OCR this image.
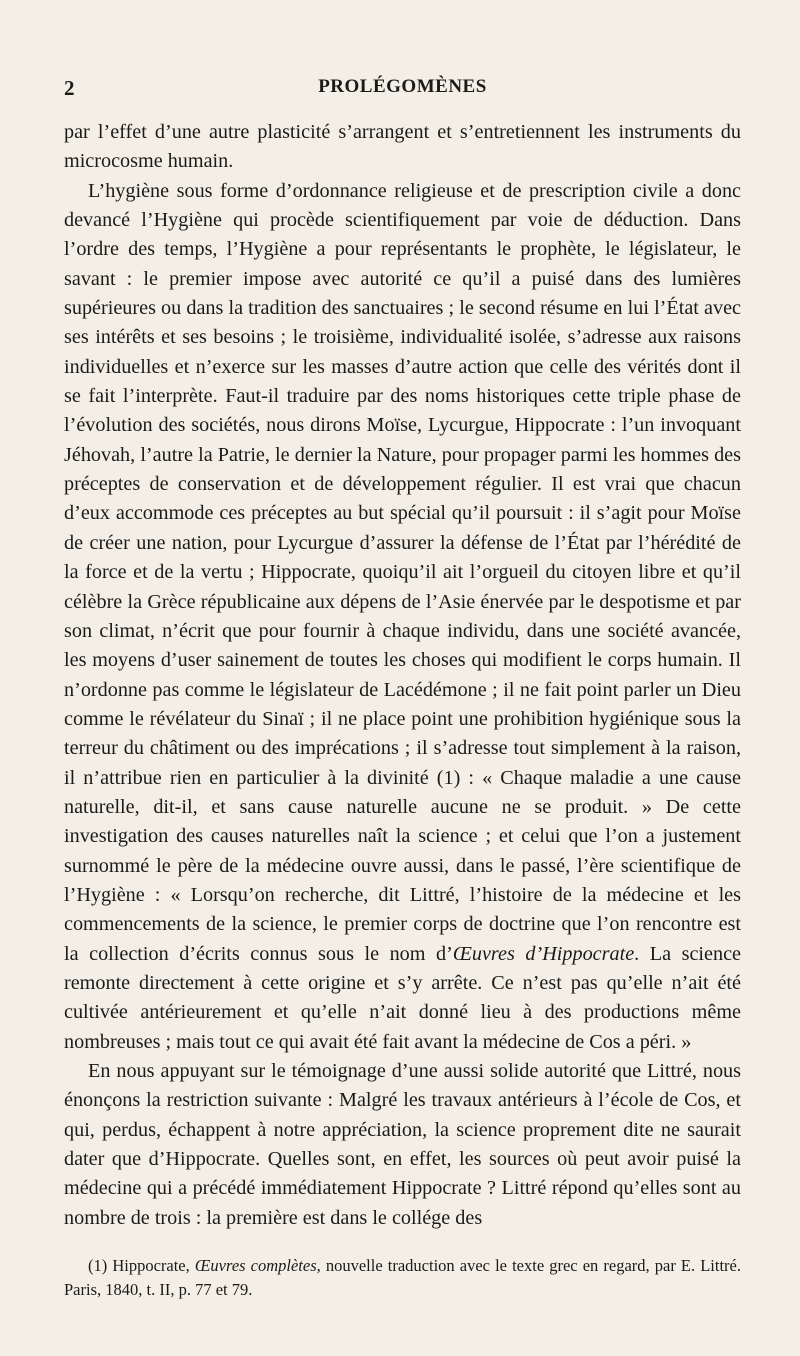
2	PROLÉGOMÈNES

par l’effet d’une autre plasticité s’arrangent et s’entretiennent les instruments du microcosme humain.

L’hygiène sous forme d’ordonnance religieuse et de prescription civile a donc devancé l’Hygiène qui procède scientifiquement par voie de déduction. Dans l’ordre des temps, l’Hygiène a pour représentants le prophète, le législateur, le savant : le premier impose avec autorité ce qu’il a puisé dans des lumières supérieures ou dans la tradition des sanctuaires ; le second résume en lui l’État avec ses intérêts et ses besoins ; le troisième, individualité isolée, s’adresse aux raisons individuelles et n’exerce sur les masses d’autre action que celle des vérités dont il se fait l’interprète. Faut-il traduire par des noms historiques cette triple phase de l’évolution des sociétés, nous dirons Moïse, Lycurgue, Hippocrate : l’un invoquant Jéhovah, l’autre la Patrie, le dernier la Nature, pour propager parmi les hommes des préceptes de conservation et de développement régulier. Il est vrai que chacun d’eux accommode ces préceptes au but spécial qu’il poursuit : il s’agit pour Moïse de créer une nation, pour Lycurgue d’assurer la défense de l’État par l’hérédité de la force et de la vertu ; Hippocrate, quoiqu’il ait l’orgueil du citoyen libre et qu’il célèbre la Grèce républicaine aux dépens de l’Asie énervée par le despotisme et par son climat, n’écrit que pour fournir à chaque individu, dans une société avancée, les moyens d’user sainement de toutes les choses qui modifient le corps humain. Il n’ordonne pas comme le législateur de Lacédémone ; il ne fait point parler un Dieu comme le révélateur du Sinaï ; il ne place point une prohibition hygiénique sous la terreur du châtiment ou des imprécations ; il s’adresse tout simplement à la raison, il n’attribue rien en particulier à la divinité (1) : « Chaque maladie a une cause naturelle, dit-il, et sans cause naturelle aucune ne se produit. » De cette investigation des causes naturelles naît la science ; et celui que l’on a justement surnommé le père de la médecine ouvre aussi, dans le passé, l’ère scientifique de l’Hygiène : « Lorsqu’on recherche, dit Littré, l’histoire de la médecine et les commencements de la science, le premier corps de doctrine que l’on rencontre est la collection d’écrits connus sous le nom d’Œuvres d’Hippocrate. La science remonte directement à cette origine et s’y arrête. Ce n’est pas qu’elle n’ait été cultivée antérieurement et qu’elle n’ait donné lieu à des productions même nombreuses ; mais tout ce qui avait été fait avant la médecine de Cos a péri. »

En nous appuyant sur le témoignage d’une aussi solide autorité que Littré, nous énonçons la restriction suivante : Malgré les travaux antérieurs à l’école de Cos, et qui, perdus, échappent à notre appréciation, la science proprement dite ne saurait dater que d’Hippocrate. Quelles sont, en effet, les sources où peut avoir puisé la médecine qui a précédé immédiatement Hippocrate ? Littré répond qu’elles sont au nombre de trois : la première est dans le collége des

(1) Hippocrate, Œuvres complètes, nouvelle traduction avec le texte grec en regard, par E. Littré. Paris, 1840, t. II, p. 77 et 79.
